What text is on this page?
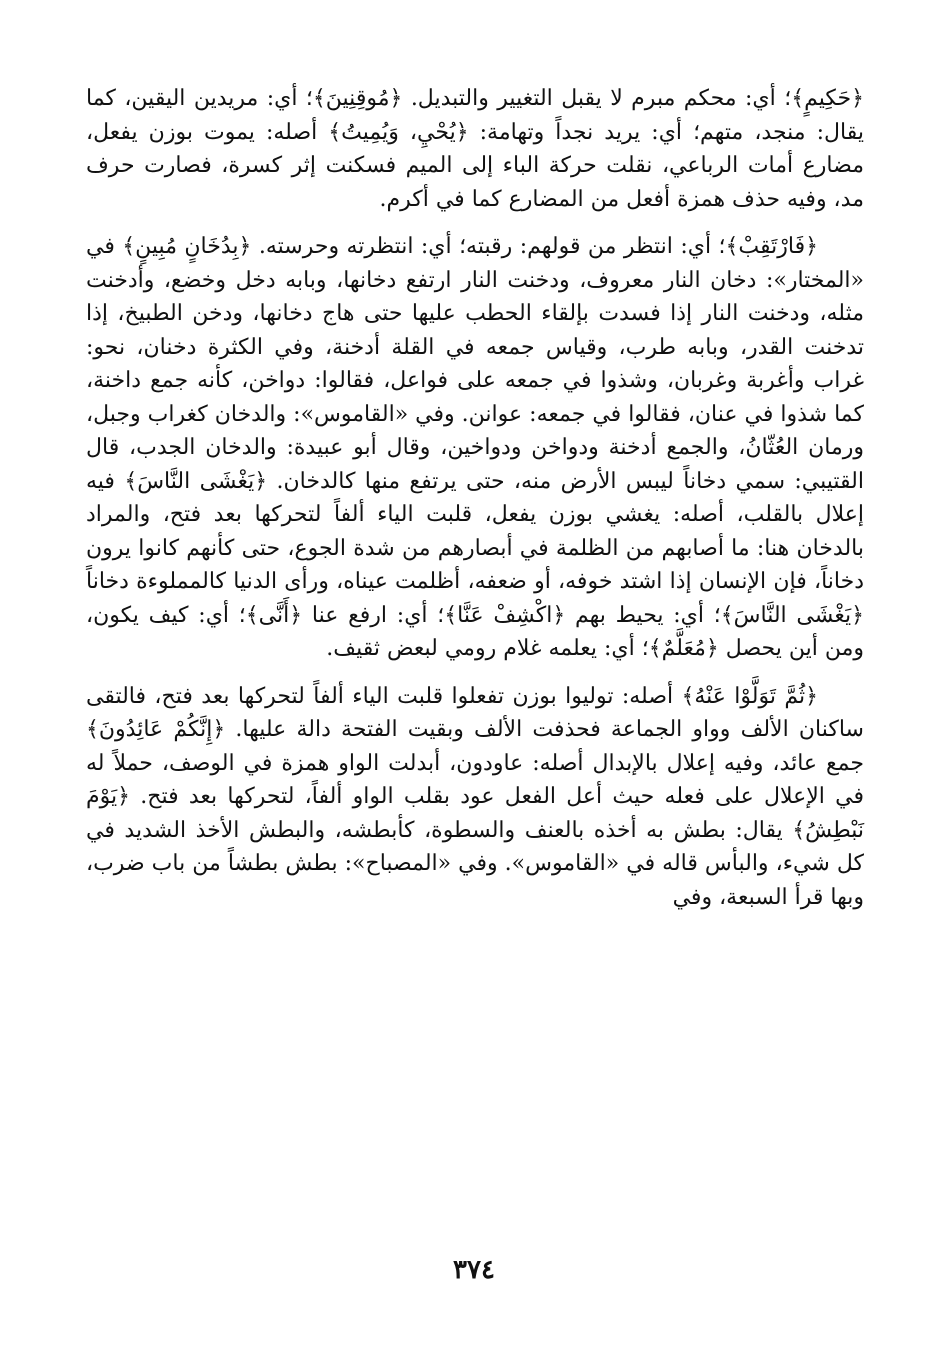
﴿حَكِيمٍ﴾؛ أي: محكم مبرم لا يقبل التغيير والتبديل. ﴿مُوقِنِينَ﴾؛ أي: مريدين اليقين، كما يقال: منجد، متهم؛ أي: يريد نجداً وتهامة: ﴿يُحْيِ، وَيُمِيتُ﴾ أصله: يموت بوزن يفعل، مضارع أمات الرباعي، نقلت حركة الباء إلى الميم فسكنت إثر كسرة، فصارت حرف مد، وفيه حذف همزة أفعل من المضارع كما في أكرم.

﴿فَارْتَقِبْ﴾؛ أي: انتظر من قولهم: رقبته؛ أي: انتظرته وحرسته. ﴿بِدُخَانٍ مُبِينٍ﴾ في «المختار»: دخان النار معروف، ودخنت النار ارتفع دخانها، وبابه دخل وخضع، وأدخنت مثله، ودخنت النار إذا فسدت بإلقاء الحطب عليها حتى هاج دخانها، ودخن الطبيخ، إذا تدخنت القدر، وبابه طرب، وقياس جمعه في القلة أدخنة، وفي الكثرة دخنان، نحو: غراب وأغربة وغربان، وشذوا في جمعه على فواعل، فقالوا: دواخن، كأنه جمع داخنة، كما شذوا في عنان، فقالوا في جمعه: عوانن. وفي «القاموس»: والدخان كغراب وجبل، ورمان العُثّانُ، والجمع أدخنة ودواخن ودواخين، وقال أبو عبيدة: والدخان الجدب، قال القتيبي: سمي دخاناً ليبس الأرض منه، حتى يرتفع منها كالدخان. ﴿يَغْشَى النَّاسَ﴾ فيه إعلال بالقلب، أصله: يغشي بوزن يفعل، قلبت الياء ألفاً لتحركها بعد فتح، والمراد بالدخان هنا: ما أصابهم من الظلمة في أبصارهم من شدة الجوع، حتى كأنهم كانوا يرون دخاناً، فإن الإنسان إذا اشتد خوفه، أو ضعفه، أظلمت عيناه، ورأى الدنيا كالمملوءة دخاناً ﴿يَغْشَى النَّاسَ﴾؛ أي: يحيط بهم ﴿اكْشِفْ عَنَّا﴾؛ أي: ارفع عنا ﴿أَنَّى﴾؛ أي: كيف يكون، ومن أين يحصل ﴿مُعَلَّمٌ﴾؛ أي: يعلمه غلام رومي لبعض ثقيف.

﴿ثُمَّ تَوَلَّوْا عَنْهُ﴾ أصله: توليوا بوزن تفعلوا قلبت الياء ألفاً لتحركها بعد فتح، فالتقى ساكنان الألف وواو الجماعة فحذفت الألف وبقيت الفتحة دالة عليها. ﴿إِنَّكُمْ عَائِدُونَ﴾ جمع عائد، وفيه إعلال بالإبدال أصله: عاودون، أبدلت الواو همزة في الوصف، حملاً له في الإعلال على فعله حيث أعل الفعل عود بقلب الواو ألفاً، لتحركها بعد فتح. ﴿يَوْمَ نَبْطِشُ﴾ يقال: بطش به أخذه بالعنف والسطوة، كأبطشه، والبطش الأخذ الشديد في كل شيء، والبأس قاله في «القاموس». وفي «المصباح»: بطش بطشاً من باب ضرب، وبها قرأ السبعة، وفي

٣٧٤
